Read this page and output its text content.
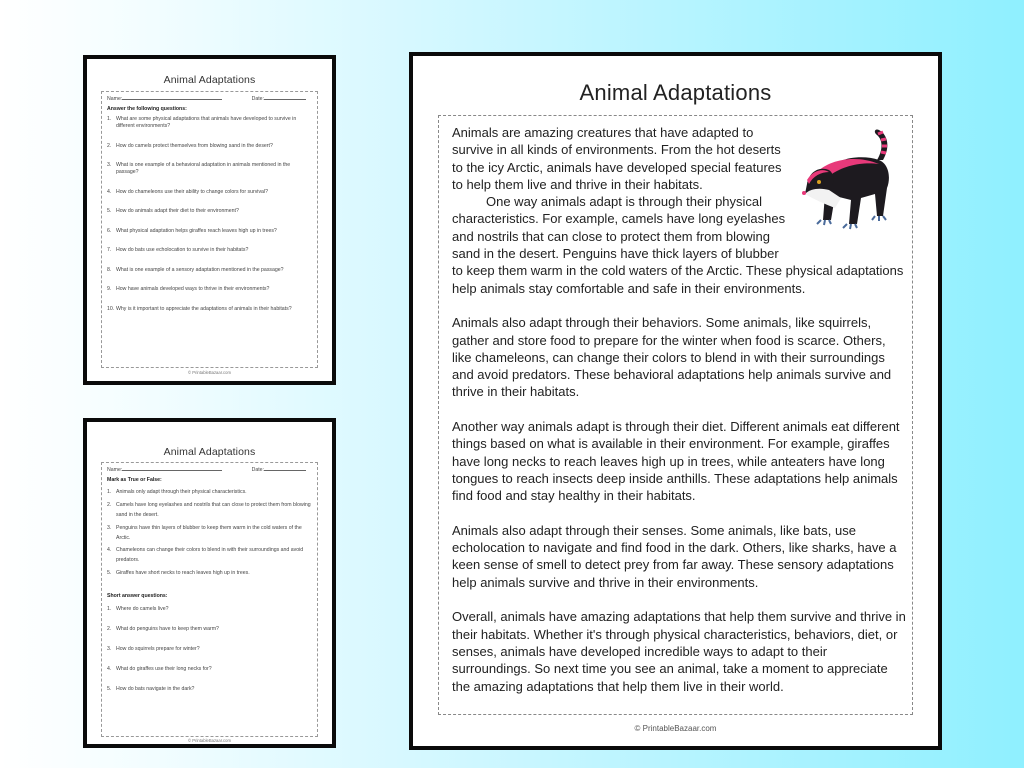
Animal Adaptations
Name:	Date:
Answer the following questions:
1. What are some physical adaptations that animals have developed to survive in different environments?
2. How do camels protect themselves from blowing sand in the desert?
3. What is one example of a behavioral adaptation in animals mentioned in the passage?
4. How do chameleons use their ability to change colors for survival?
5. How do animals adapt their diet to their environment?
6. What physical adaptation helps giraffes reach leaves high up in trees?
7. How do bats use echolocation to survive in their habitats?
8. What is one example of a sensory adaptation mentioned in the passage?
9. How have animals developed ways to thrive in their environments?
10. Why is it important to appreciate the adaptations of animals in their habitats?
© PrintableBazaar.com
Animal Adaptations
Name:	Date:
Mark as True or False:
1. Animals only adapt through their physical characteristics.
2. Camels have long eyelashes and nostrils that can close to protect them from blowing sand in the desert.
3. Penguins have thin layers of blubber to keep them warm in the cold waters of the Arctic.
4. Chameleons can change their colors to blend in with their surroundings and avoid predators.
5. Giraffes have short necks to reach leaves high up in trees.
Short answer questions:
1. Where do camels live?
2. What do penguins have to keep them warm?
3. How do squirrels prepare for winter?
4. What do giraffes use their long necks for?
5. How do bats navigate in the dark?
© PrintableBazaar.com
Animal Adaptations

Animals are amazing creatures that have adapted to survive in all kinds of environments. From the hot deserts to the icy Arctic, animals have developed special features to help them live and thrive in their habitats.

One way animals adapt is through their physical characteristics. For example, camels have long eyelashes and nostrils that can close to protect them from blowing sand in the desert. Penguins have thick layers of blubber to keep them warm in the cold waters of the Arctic. These physical adaptations help animals stay comfortable and safe in their environments.

Animals also adapt through their behaviors. Some animals, like squirrels, gather and store food to prepare for the winter when food is scarce. Others, like chameleons, can change their colors to blend in with their surroundings and avoid predators. These behavioral adaptations help animals survive and thrive in their habitats.

Another way animals adapt is through their diet. Different animals eat different things based on what is available in their environment. For example, giraffes have long necks to reach leaves high up in trees, while anteaters have long tongues to reach insects deep inside anthills. These adaptations help animals find food and stay healthy in their habitats.

Animals also adapt through their senses. Some animals, like bats, use echolocation to navigate and find food in the dark. Others, like sharks, have a keen sense of smell to detect prey from far away. These sensory adaptations help animals survive and thrive in their environments.

Overall, animals have amazing adaptations that help them survive and thrive in their habitats. Whether it's through physical characteristics, behaviors, diet, or senses, animals have developed incredible ways to adapt to their surroundings. So next time you see an animal, take a moment to appreciate the amazing adaptations that help them live in their world.

© PrintableBazaar.com
